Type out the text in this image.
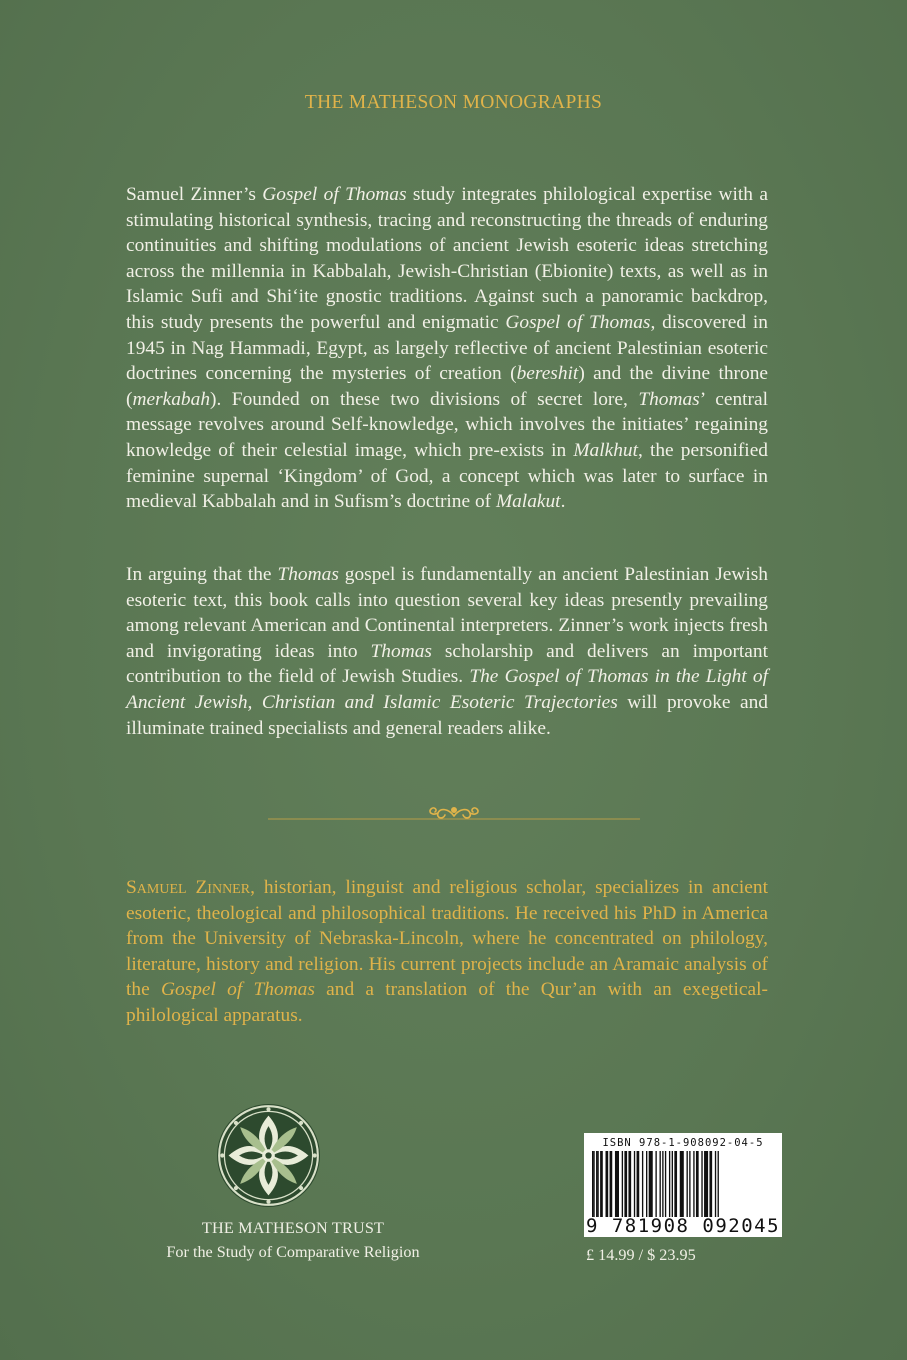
THE MATHESON MONOGRAPHS

Samuel Zinner’s Gospel of Thomas study integrates philological expertise with a stimulating historical synthesis, tracing and reconstructing the threads of enduring continuities and shifting modulations of ancient Jewish esoteric ideas stretching across the millennia in Kabbalah, Jewish-Christian (Ebionite) texts, as well as in Islamic Sufi and Shiʻite gnostic traditions. Against such a panoramic backdrop, this study presents the powerful and enigmatic Gospel of Thomas, discovered in 1945 in Nag Hammadi, Egypt, as largely reflective of ancient Palestinian esoteric doctrines concerning the mysteries of creation (bereshit) and the divine throne (merkabah). Founded on these two divisions of secret lore, Thomas’ central message revolves around Self-knowledge, which involves the initiates’ regaining knowledge of their celestial image, which pre-exists in Malkhut, the personified feminine supernal ‘Kingdom’ of God, a concept which was later to surface in medieval Kabbalah and in Sufism’s doctrine of Malakut.

In arguing that the Thomas gospel is fundamentally an ancient Palestinian Jewish esoteric text, this book calls into question several key ideas presently prevailing among relevant American and Continental interpreters. Zinner’s work injects fresh and invigorating ideas into Thomas scholarship and delivers an important contribution to the field of Jewish Studies. The Gospel of Thomas in the Light of Ancient Jewish, Christian and Islamic Esoteric Trajectories will provoke and illuminate trained specialists and general readers alike.

Samuel Zinner, historian, linguist and religious scholar, specializes in ancient esoteric, theological and philosophical traditions. He received his PhD in America from the University of Nebraska-Lincoln, where he concentrated on philology, literature, history and religion. His current projects include an Aramaic analysis of the Gospel of Thomas and a translation of the Qur’an with an exegetical-philological apparatus.

THE MATHESON TRUST
For the Study of Comparative Religion
ISBN 978-1-908092-04-5
9 781908 092045
£ 14.99 / $ 23.95
